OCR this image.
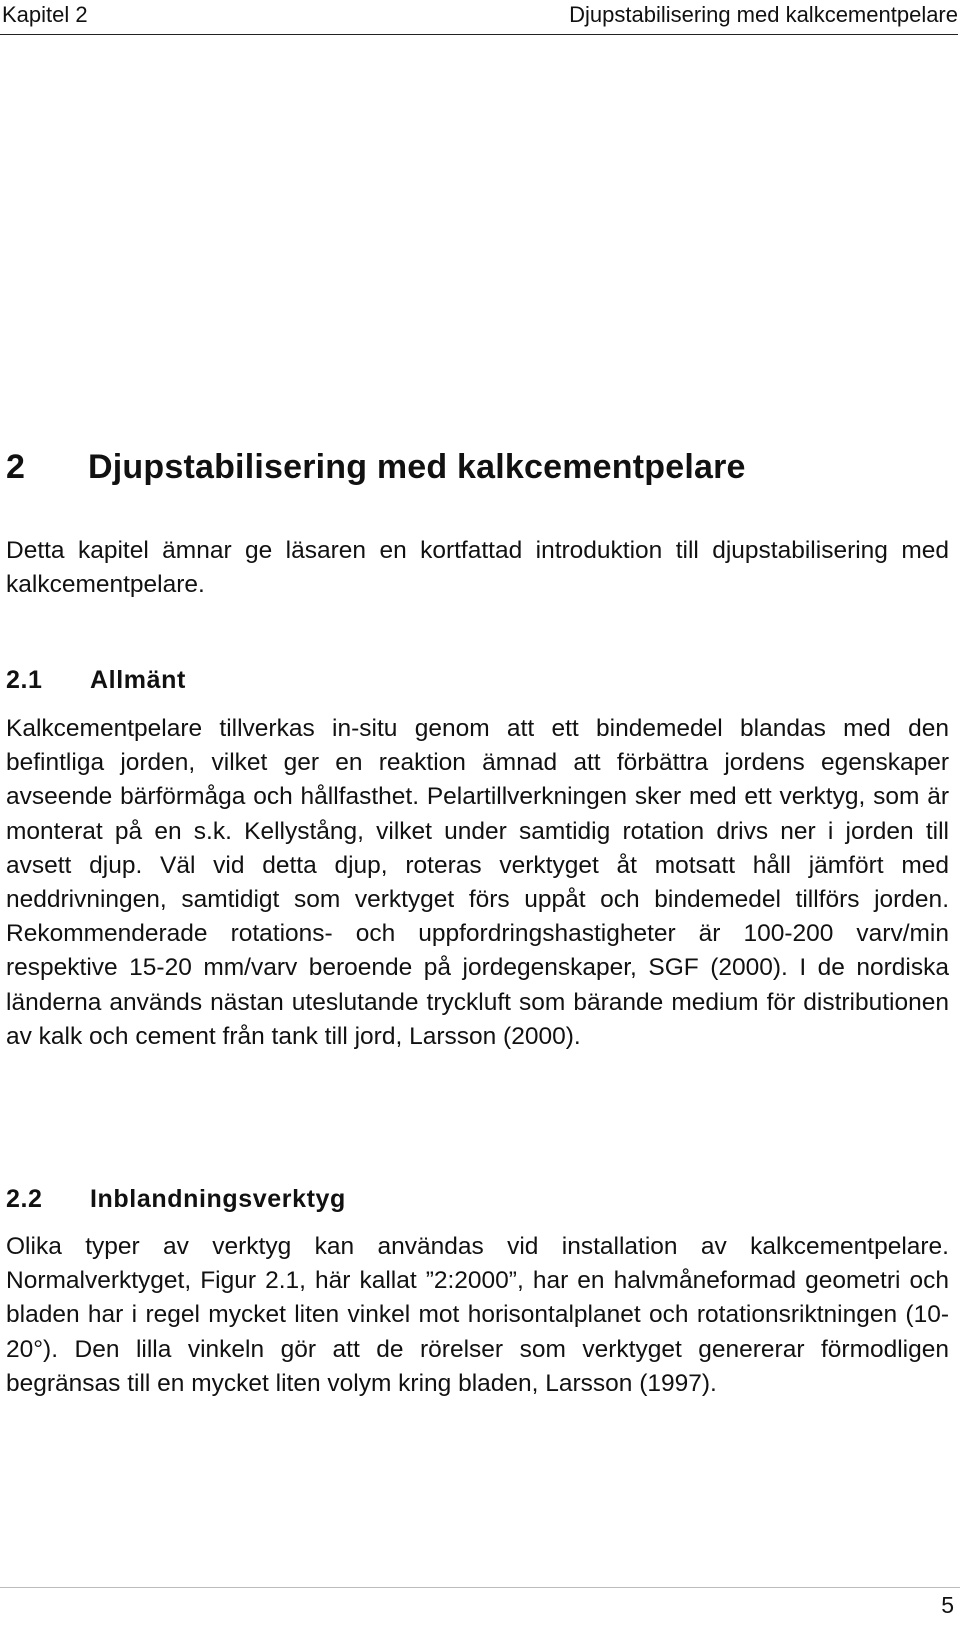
Kapitel 2	Djupstabilisering med kalkcementpelare
2 Djupstabilisering med kalkcementpelare

Detta kapitel ämnar ge läsaren en kortfattad introduktion till djupstabilisering med kalkcementpelare.

2.1 Allmänt

Kalkcementpelare tillverkas in-situ genom att ett bindemedel blandas med den befintliga jorden, vilket ger en reaktion ämnad att förbättra jordens egenskaper avseende bärförmåga och hållfasthet. Pelartillverkningen sker med ett verktyg, som är monterat på en s.k. Kellystång, vilket under samtidig rotation drivs ner i jorden till avsett djup. Väl vid detta djup, roteras verktyget åt motsatt håll jämfört med neddrivningen, samtidigt som verktyget förs uppåt och bindemedel tillförs jorden. Rekommenderade rotations- och uppfordringshastigheter är 100-200 varv/min respektive 15-20 mm/varv beroende på jordegenskaper, SGF (2000). I de nordiska länderna används nästan uteslutande tryckluft som bärande medium för distributionen av kalk och cement från tank till jord, Larsson (2000).

2.2 Inblandningsverktyg

Olika typer av verktyg kan användas vid installation av kalkcementpelare. Normalverktyget, Figur 2.1, här kallat ”2:2000”, har en halvmåneformad geometri och bladen har i regel mycket liten vinkel mot horisontalplanet och rotationsriktningen (10-20°). Den lilla vinkeln gör att de rörelser som verktyget genererar förmodligen begränsas till en mycket liten volym kring bladen, Larsson (1997).

5
